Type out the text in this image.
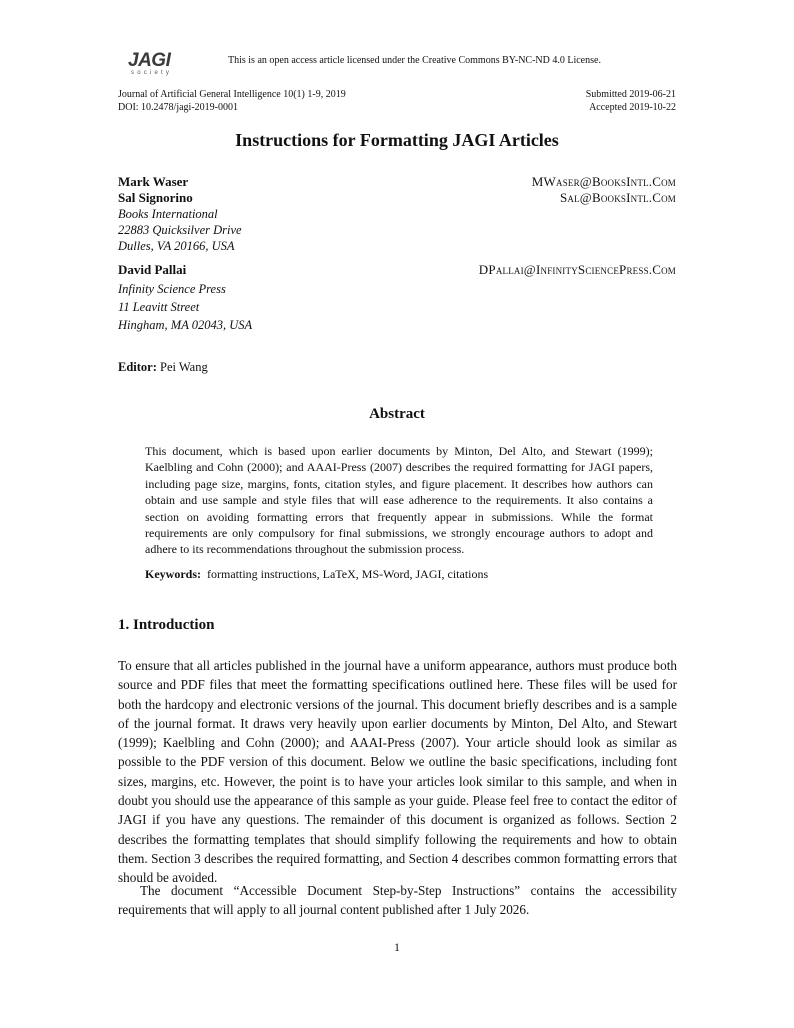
JAGI
society
This is an open access article licensed under the Creative Commons BY-NC-ND 4.0 License.
Journal of Artificial General Intelligence 10(1) 1-9, 2019
DOI: 10.2478/jagi-2019-0001
Submitted 2019-06-21
Accepted 2019-10-22
Instructions for Formatting JAGI Articles
Mark Waser	MWaser@BooksIntl.Com
Sal Signorino	Sal@BooksIntl.Com
Books International
22883 Quicksilver Drive
Dulles, VA 20166, USA
David Pallai	DPallai@InfinitySciencePress.Com
Infinity Science Press
11 Leavitt Street
Hingham, MA 02043, USA
Editor: Pei Wang
Abstract
This document, which is based upon earlier documents by Minton, Del Alto, and Stewart (1999); Kaelbling and Cohn (2000); and AAAI-Press (2007) describes the required formatting for JAGI papers, including page size, margins, fonts, citation styles, and figure placement. It describes how authors can obtain and use sample and style files that will ease adherence to the requirements. It also contains a section on avoiding formatting errors that frequently appear in submissions. While the format requirements are only compulsory for final submissions, we strongly encourage authors to adopt and adhere to its recommendations throughout the submission process.
Keywords: formatting instructions, LaTeX, MS-Word, JAGI, citations
1. Introduction
To ensure that all articles published in the journal have a uniform appearance, authors must produce both source and PDF files that meet the formatting specifications outlined here. These files will be used for both the hardcopy and electronic versions of the journal. This document briefly describes and is a sample of the journal format. It draws very heavily upon earlier documents by Minton, Del Alto, and Stewart (1999); Kaelbling and Cohn (2000); and AAAI-Press (2007). Your article should look as similar as possible to the PDF version of this document. Below we outline the basic specifications, including font sizes, margins, etc. However, the point is to have your articles look similar to this sample, and when in doubt you should use the appearance of this sample as your guide. Please feel free to contact the editor of JAGI if you have any questions. The remainder of this document is organized as follows. Section 2 describes the formatting templates that should simplify following the requirements and how to obtain them. Section 3 describes the required formatting, and Section 4 describes common formatting errors that should be avoided.
The document “Accessible Document Step-by-Step Instructions” contains the accessibility requirements that will apply to all journal content published after 1 July 2026.
1
